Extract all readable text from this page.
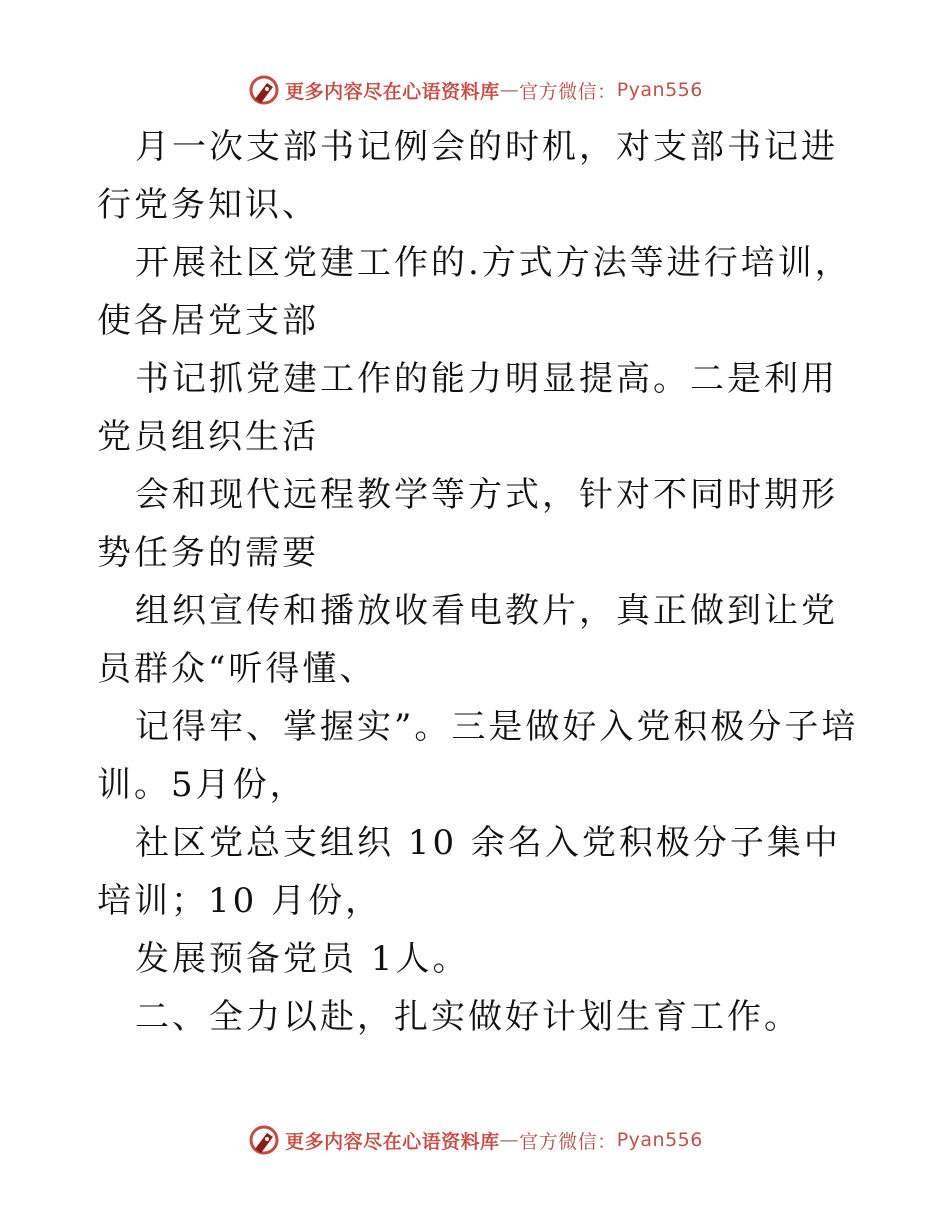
更多内容尽在心语资料库 — 官方微信： Pyan556

月一次支部书记例会的时机，对支部书记进行党务知识、

开展社区党建工作的.方式方法等进行培训，使各居党支部

书记抓党建工作的能力明显提高。二是利用党员组织生活

会和现代远程教学等方式，针对不同时期形势任务的需要

组织宣传和播放收看电教片，真正做到让党员群众“听得懂、

记得牢、掌握实”。三是做好入党积极分子培训。5月份，

社区党总支组织 10 余名入党积极分子集中培训；10 月份，

发展预备党员 1人。

二、全力以赴，扎实做好计划生育工作。

更多内容尽在心语资料库 — 官方微信： Pyan556
